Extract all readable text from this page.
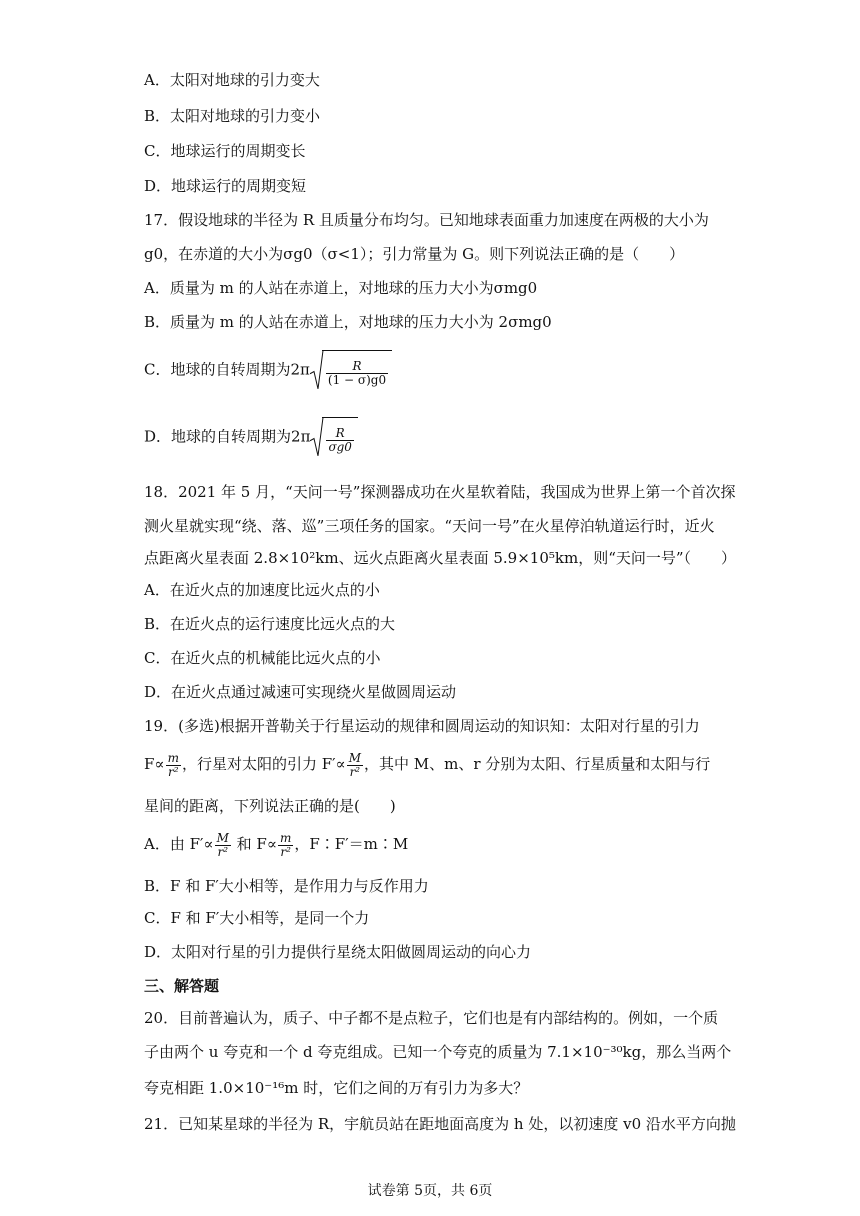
A．太阳对地球的引力变大
B．太阳对地球的引力变小
C．地球运行的周期变长
D．地球运行的周期变短
17．假设地球的半径为 R 且质量分布均匀。已知地球表面重力加速度在两极的大小为
g0，在赤道的大小为σg0（σ<1）；引力常量为 G。则下列说法正确的是（　　）
A．质量为 m 的人站在赤道上，对地球的压力大小为σmg0
B．质量为 m 的人站在赤道上，对地球的压力大小为 2σmg0
C．地球的自转周期为$2\pi \frac{R}{(1 - \sigma)g0}$
D．地球的自转周期为$2\pi \frac{R}{\sigma g0}$
18．2021 年 5 月，“天问一号”探测器成功在火星软着陆，我国成为世界上第一个首次探
测火星就实现“绕、落、巡”三项任务的国家。“天问一号”在火星停泊轨道运行时，近火
点距离火星表面 2.8×10²km、远火点距离火星表面 5.9×10⁵km，则“天问一号”（　　）
A．在近火点的加速度比远火点的小
B．在近火点的运行速度比远火点的大
C．在近火点的机械能比远火点的小
D．在近火点通过减速可实现绕火星做圆周运动
19．(多选)根据开普勒关于行星运动的规律和圆周运动的知识知：太阳对行星的引力
$F\propto \frac{m}{\text{r²}}$ ，行星对太阳的引力 $F'\propto \frac{M}{\text{r²}}$ ，其中 M、m、r 分别为太阳、行星质量和太阳与行
星间的距离，下列说法正确的是(　　)
A．由 $F'\propto \frac{M}{\text{r²}}$ 和 $F\propto \frac{m}{\text{r²}}$ ，F∶F′＝m∶M
B．F 和 F′大小相等，是作用力与反作用力
C．F 和 F′大小相等，是同一个力
D．太阳对行星的引力提供行星绕太阳做圆周运动的向心力
三、解答题
20．目前普遍认为，质子、中子都不是点粒子，它们也是有内部结构的。例如，一个质
子由两个 u 夸克和一个 d 夸克组成。已知一个夸克的质量为 7.1×10⁻³⁰kg，那么当两个
夸克相距 1.0×10⁻¹⁶m 时，它们之间的万有引力为多大？
21．已知某星球的半径为 R，宇航员站在距地面高度为 h 处，以初速度 v0 沿水平方向抛
试卷第 5页，共 6页
